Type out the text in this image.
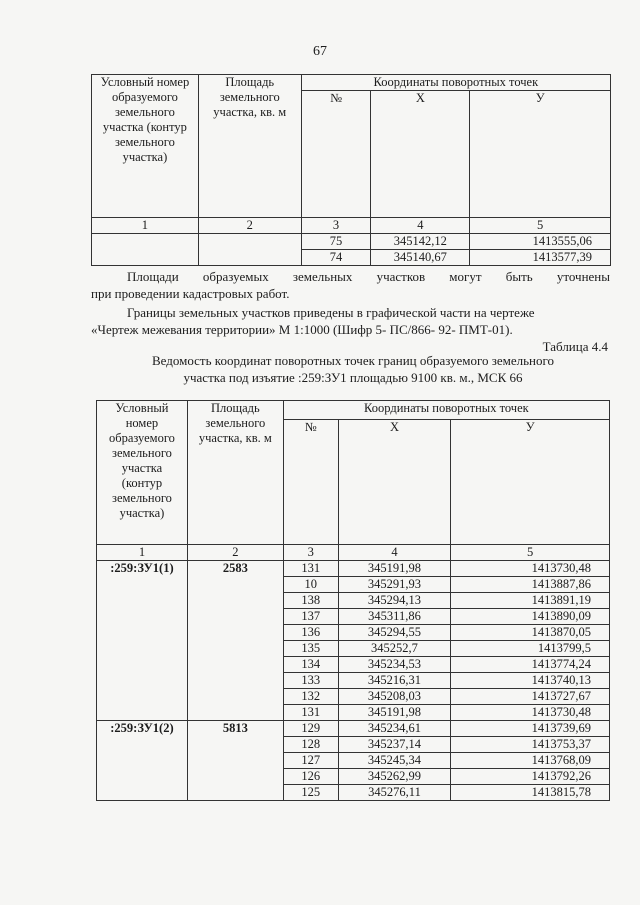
67
Условный номер образуемого земельного участка (контур земельного участка)	Площадь земельного участка, кв. м	Координаты поворотных точек		
		№	Х	У
1	2	3	4	5
		75	345142,12	1413555,06
		74	345140,67	1413577,39
Площади образуемых земельных участков могут быть уточнены
при проведении кадастровых работ.
Границы земельных участков приведены в графической части на чертеже
«Чертеж межевания территории» М 1:1000 (Шифр 5- ПС/866- 92- ПМТ-01).
Таблица 4.4
Ведомость координат поворотных точек границ образуемого земельного
участка под изъятие :259:ЗУ1 площадью 9100 кв. м., МСК 66
Условный номер образуемого земельного участка (контур земельного участка)	Площадь земельного участка, кв. м	Координаты поворотных точек		
		№	Х	У
1	2	3	4	5
:259:ЗУ1(1)	2583	131	345191,98	1413730,48
		10	345291,93	1413887,86
		138	345294,13	1413891,19
		137	345311,86	1413890,09
		136	345294,55	1413870,05
		135	345252,7	1413799,5
		134	345234,53	1413774,24
		133	345216,31	1413740,13
		132	345208,03	1413727,67
		131	345191,98	1413730,48
:259:ЗУ1(2)	5813	129	345234,61	1413739,69
		128	345237,14	1413753,37
		127	345245,34	1413768,09
		126	345262,99	1413792,26
		125	345276,11	1413815,78
